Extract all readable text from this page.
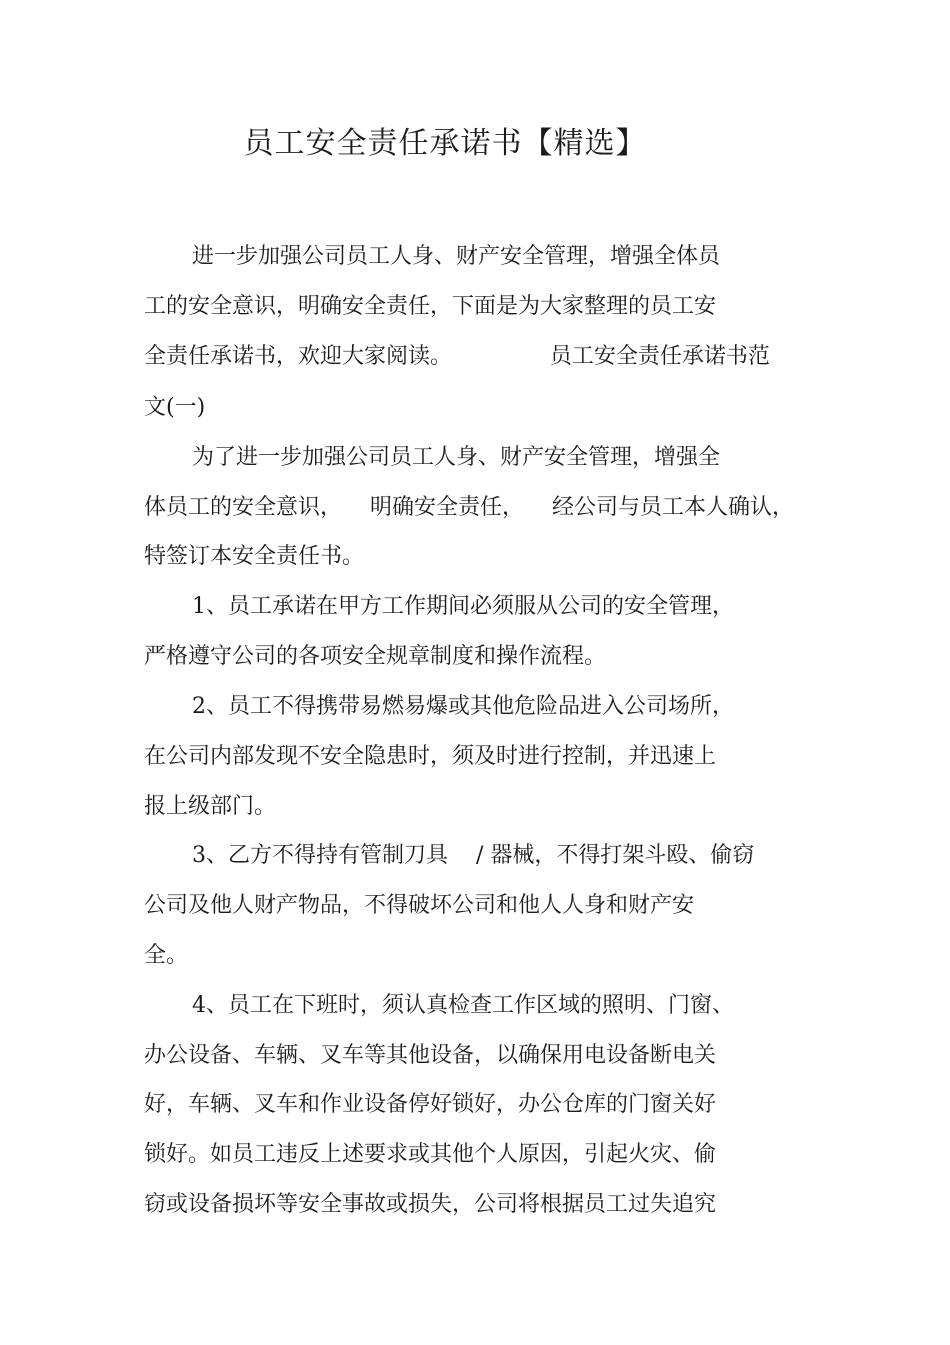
员工安全责任承诺书【精选】
进一步加强公司员工人身、财产安全管理，增强全体员
工的安全意识，明确安全责任，下面是为大家整理的员工安
全责任承诺书，欢迎大家阅读。              员工安全责任承诺书范
文(一)
为了进一步加强公司员工人身、财产安全管理，增强全
体员工的安全意识，    明确安全责任，    经公司与员工本人确认，
特签订本安全责任书。
1、员工承诺在甲方工作期间必须服从公司的安全管理，
严格遵守公司的各项安全规章制度和操作流程。
2、员工不得携带易燃易爆或其他危险品进入公司场所，
在公司内部发现不安全隐患时，须及时进行控制，并迅速上
报上级部门。
3、乙方不得持有管制刀具    / 器械，不得打架斗殴、偷窃
公司及他人财产物品，不得破坏公司和他人人身和财产安
全。
4、员工在下班时，须认真检查工作区域的照明、门窗、
办公设备、车辆、叉车等其他设备，以确保用电设备断电关
好，车辆、叉车和作业设备停好锁好，办公仓库的门窗关好
锁好。如员工违反上述要求或其他个人原因，引起火灾、偷
窃或设备损坏等安全事故或损失，公司将根据员工过失追究
